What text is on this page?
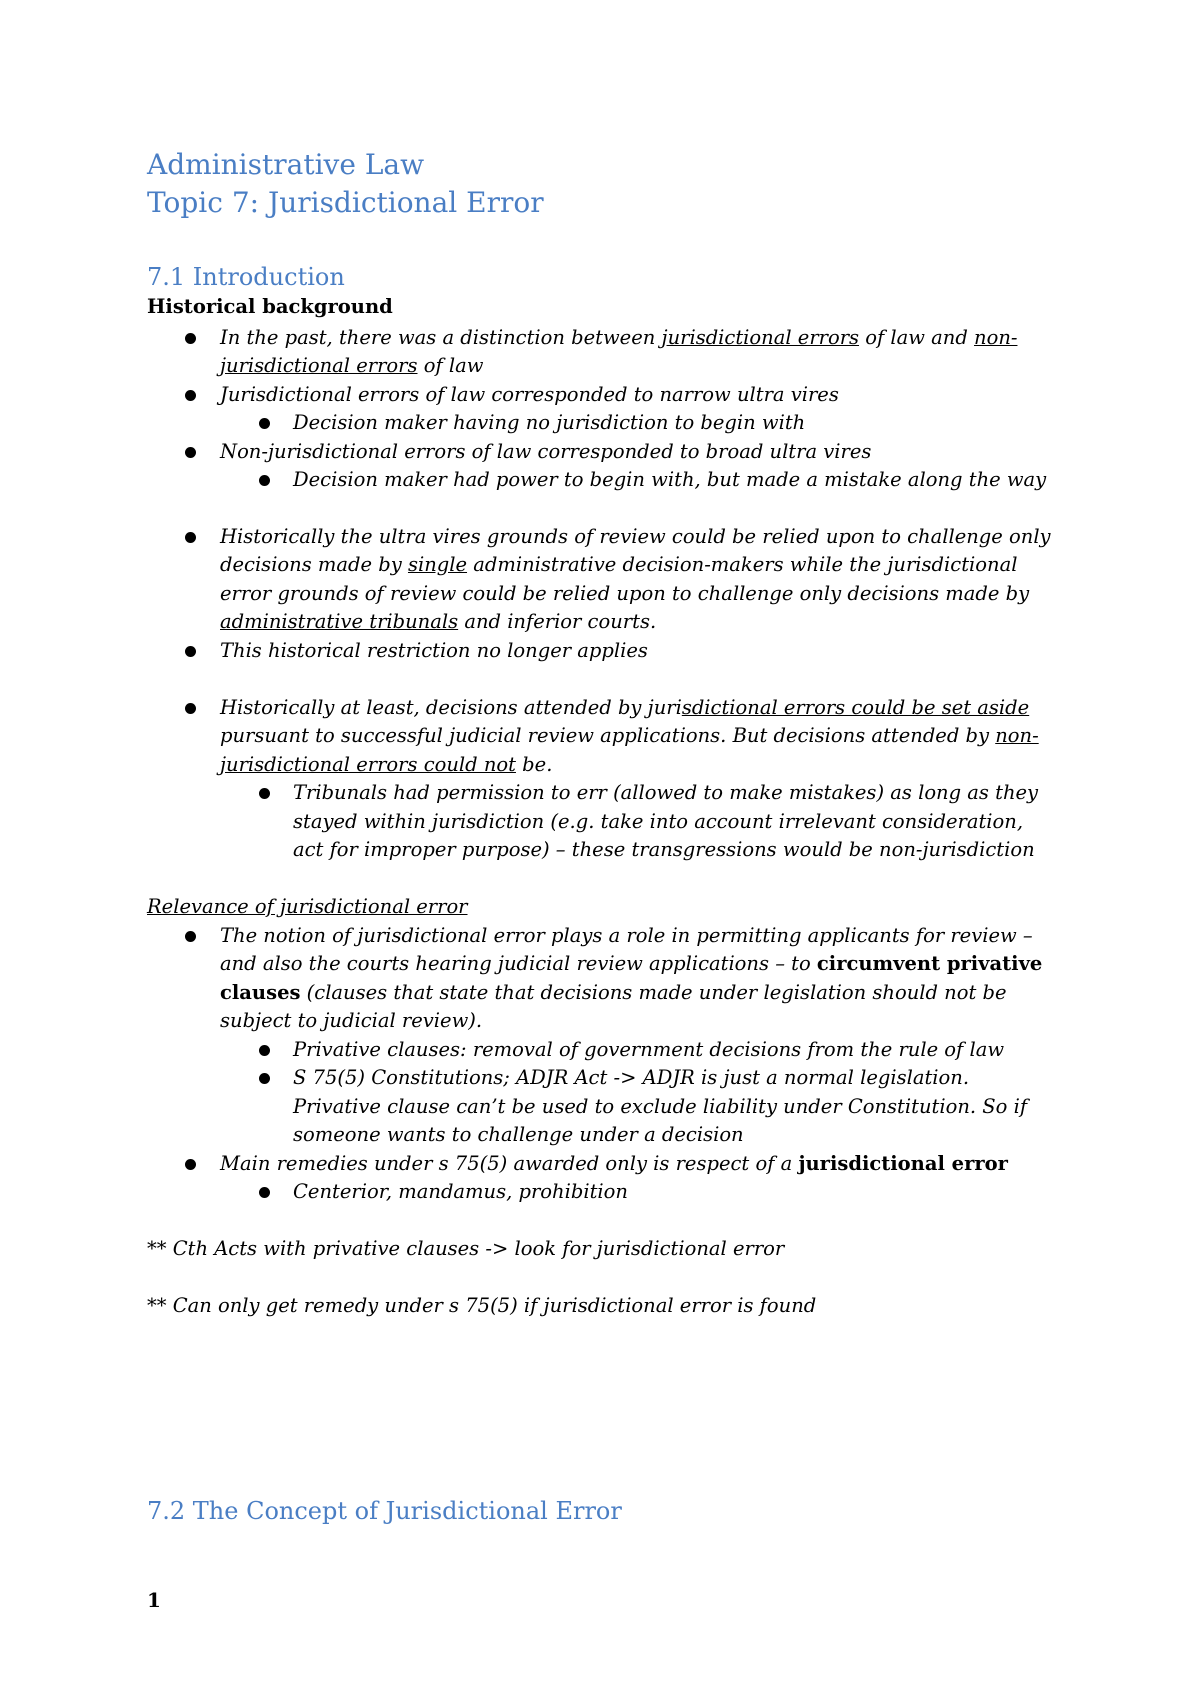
Administrative Law
Topic 7: Jurisdictional Error
7.1 Introduction
Historical background
In the past, there was a distinction between jurisdictional errors of law and non-
jurisdictional errors of law
Jurisdictional errors of law corresponded to narrow ultra vires
Decision maker having no jurisdiction to begin with
Non-jurisdictional errors of law corresponded to broad ultra vires
Decision maker had power to begin with, but made a mistake along the way
Historically the ultra vires grounds of review could be relied upon to challenge only
decisions made by single administrative decision-makers while the jurisdictional
error grounds of review could be relied upon to challenge only decisions made by
administrative tribunals and inferior courts.
This historical restriction no longer applies
Historically at least, decisions attended by jurisdictional errors could be set aside
pursuant to successful judicial review applications. But decisions attended by non-
jurisdictional errors could not be.
Tribunals had permission to err (allowed to make mistakes) as long as they
stayed within jurisdiction (e.g. take into account irrelevant consideration,
act for improper purpose) – these transgressions would be non-jurisdiction
Relevance of jurisdictional error
The notion of jurisdictional error plays a role in permitting applicants for review –
and also the courts hearing judicial review applications – to circumvent privative
clauses (clauses that state that decisions made under legislation should not be
subject to judicial review).
Privative clauses: removal of government decisions from the rule of law
S 75(5) Constitutions; ADJR Act -> ADJR is just a normal legislation.
Privative clause can’t be used to exclude liability under Constitution. So if
someone wants to challenge under a decision
Main remedies under s 75(5) awarded only is respect of a jurisdictional error
Centerior, mandamus, prohibition
** Cth Acts with privative clauses -> look for jurisdictional error
** Can only get remedy under s 75(5) if jurisdictional error is found
7.2 The Concept of Jurisdictional Error
1
